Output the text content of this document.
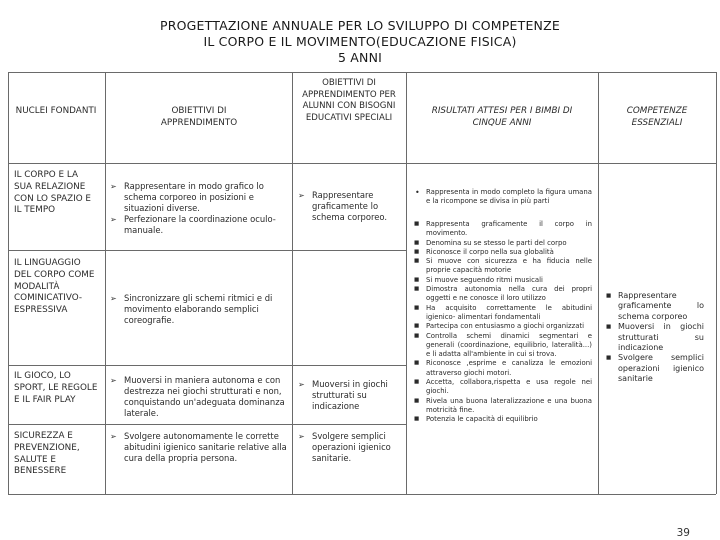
PROGETTAZIONE ANNUALE PER LO SVILUPPO DI COMPETENZE
IL CORPO E IL MOVIMENTO(EDUCAZIONE FISICA)
5 ANNI
NUCLEI FONDANTI	OBIETTIVI DI APPRENDIMENTO
OBIETTIVI DI APPRENDIMENTO PER ALUNNI CON BISOGNI EDUCATIVI SPECIALI
RISULTATI ATTESI PER I BIMBI DI CINQUE ANNI
COMPETENZE ESSENZIALI
IL CORPO E LA SUA RELAZIONE CON LO SPAZIO E IL TEMPO
➢ Rappresentare in modo grafico lo schema corporeo in posizioni e situazioni diverse.
➢ Perfezionare la coordinazione oculo-manuale.
➢ Rappresentare graficamente lo schema corporeo.
IL LINGUAGGIO DEL CORPO COME MODALITÀ COMINICATIVO-ESPRESSIVA
➢ Sincronizzare gli schemi ritmici e di movimento elaborando semplici coreografie.
IL GIOCO, LO SPORT, LE REGOLE E IL FAIR PLAY
➢ Muoversi in maniera autonoma e con destrezza nei giochi strutturati e non, conquistando un'adeguata dominanza laterale.
➢ Muoversi in giochi strutturati su indicazione
SICUREZZA E PREVENZIONE, SALUTE E BENESSERE
➢ Svolgere autonomamente le corrette abitudini igienico sanitarie relative alla cura della propria persona.
➢ Svolgere semplici operazioni igienico sanitarie.
• Rappresenta in modo completo la figura umana e la ricompone se divisa in più parti
■ Rappresenta graficamente il corpo in movimento.
■ Denomina su se stesso le parti del corpo
■ Riconosce il corpo nella sua globalità
■ Si muove con sicurezza e ha fiducia nelle proprie capacità motorie
■ Si muove seguendo ritmi musicali
■ Dimostra autonomia nella cura dei propri oggetti e ne conosce il loro utilizzo
■ Ha acquisito correttamente le abitudini igienico- alimentari fondamentali
■ Partecipa con entusiasmo a giochi organizzati
■ Controlla schemi dinamici segmentari e generali (coordinazione, equilibrio, lateralità...) e li adatta all'ambiente in cui si trova.
■ Riconosce ,esprime e canalizza le emozioni attraverso giochi motori.
■ Accetta, collabora,rispetta e usa regole nei giochi.
■ Rivela una buona lateralizzazione e una buona motricità fine.
■ Potenzia le capacità di equilibrio
■ Rappresentare graficamente lo schema corporeo
■ Muoversi in giochi strutturati su indicazione
■ Svolgere semplici operazioni igienico sanitarie
39
